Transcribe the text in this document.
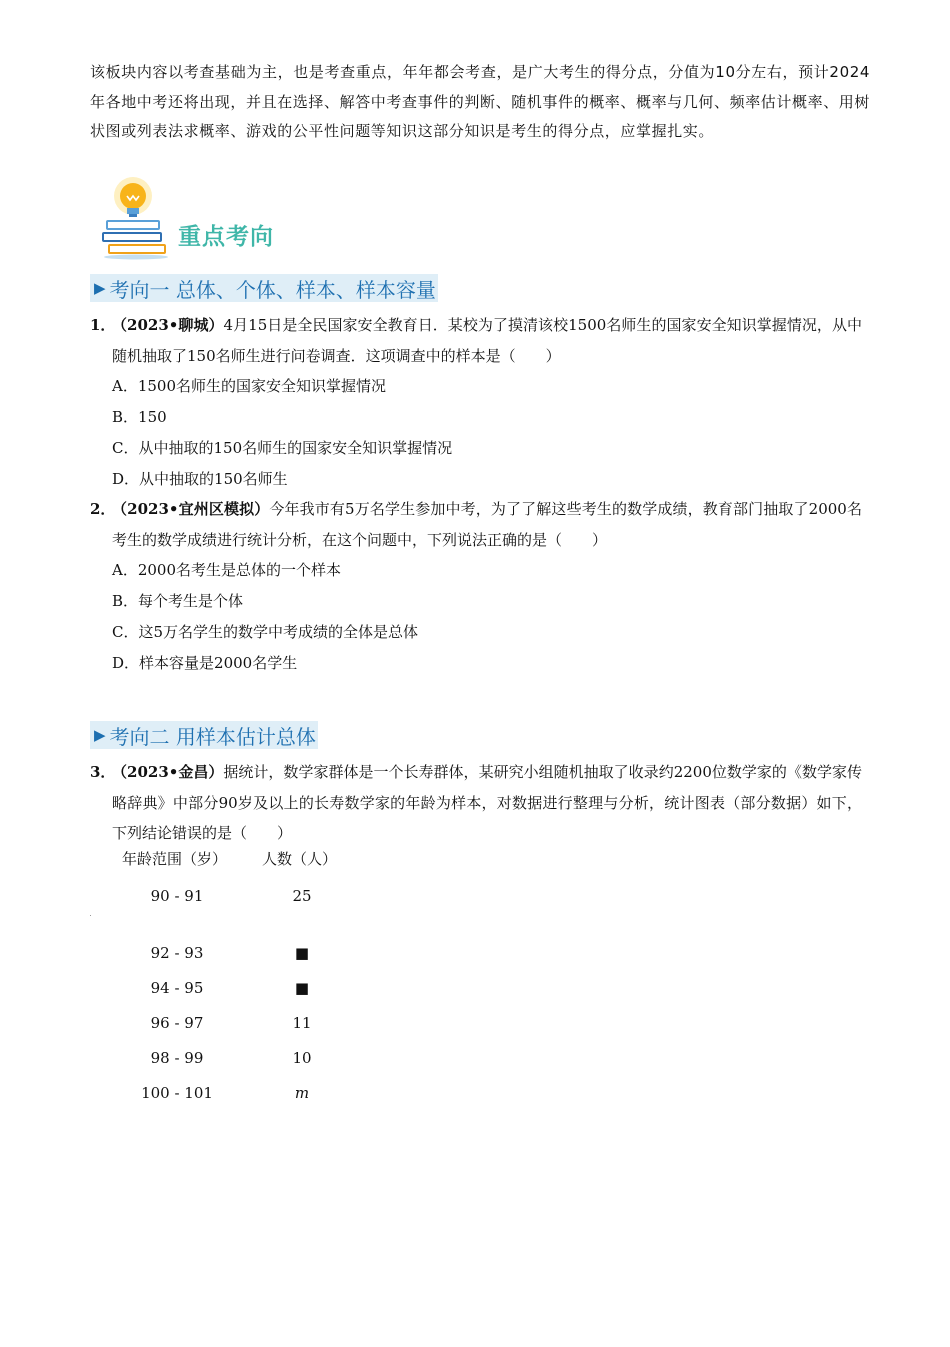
该板块内容以考查基础为主，也是考查重点，年年都会考查，是广大考生的得分点，分值为10分左右，预计2024年各地中考还将出现，并且在选择、解答中考查事件的判断、随机事件的概率、概率与几何、频率估计概率、用树状图或列表法求概率、游戏的公平性问题等知识这部分知识是考生的得分点，应掌握扎实。
重点考向
▶ 考向一 总体、个体、样本、样本容量
1．
（2023•聊城）4月15日是全民国家安全教育日．某校为了摸清该校1500名师生的国家安全知识掌握情况，从中随机抽取了150名师生进行问卷调查．这项调查中的样本是（　　）
A．1500名师生的国家安全知识掌握情况
B．150
C．从中抽取的150名师生的国家安全知识掌握情况
D．从中抽取的150名师生
2．
（2023•宜州区模拟）今年我市有5万名学生参加中考，为了了解这些考生的数学成绩，教育部门抽取了2000名考生的数学成绩进行统计分析，在这个问题中，下列说法正确的是（　　）
A．2000名考生是总体的一个样本
B．每个考生是个体
C．这5万名学生的数学中考成绩的全体是总体
D．样本容量是2000名学生
▶ 考向二 用样本估计总体
3．
（2023•金昌）据统计，数学家群体是一个长寿群体，某研究小组随机抽取了收录约2200位数学家的《数学家传略辞典》中部分90岁及以上的长寿数学家的年龄为样本，对数据进行整理与分析，统计图表（部分数据）如下，下列结论错误的是（　　）
年龄范围（岁） 人数（人）
90 - 91	25
92 - 93	■
94 - 95	■
96 - 97	11
98 - 99	10
100 - 101	m
